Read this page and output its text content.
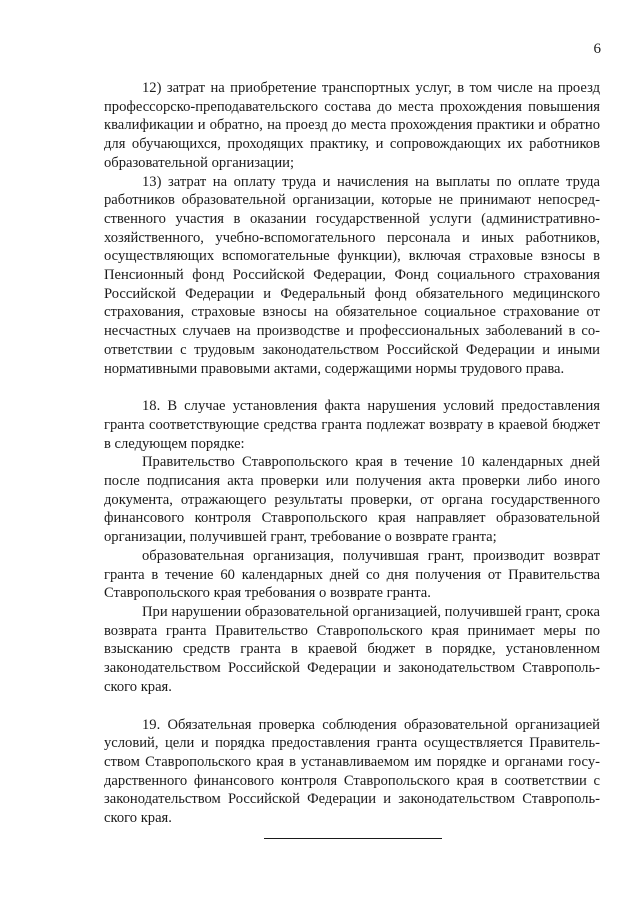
6

12) затрат на приобретение транспортных услуг, в том числе на проезд профессорско-преподавательского состава до места прохождения повышения квалификации и обратно, на проезд до места прохождения практики и обратно для обучающихся, проходящих практику, и сопровождающих их работников образовательной организации;

13) затрат на оплату труда и начисления на выплаты по оплате труда работников образовательной организации, которые не принимают непосредственного участия в оказании государственной услуги (административно-хозяйственного, учебно-вспомогательного персонала и иных работников, осуществляющих вспомогательные функции), включая страховые взносы в Пенсионный фонд Российской Федерации, Фонд социального страхования Российской Федерации и Федеральный фонд обязательного медицинского страхования, страховые взносы на обязательное социальное страхование от несчастных случаев на производстве и профессиональных заболеваний в соответствии с трудовым законодательством Российской Федерации и иными нормативными правовыми актами, содержащими нормы трудового права.

18. В случае установления факта нарушения условий предоставления гранта соответствующие средства гранта подлежат возврату в краевой бюджет в следующем порядке:

Правительство Ставропольского края в течение 10 календарных дней после подписания акта проверки или получения акта проверки либо иного документа, отражающего результаты проверки, от органа государственного финансового контроля Ставропольского края направляет образовательной организации, получившей грант, требование о возврате гранта;

образовательная организация, получившая грант, производит возврат гранта в течение 60 календарных дней со дня получения от Правительства Ставропольского края требования о возврате гранта.

При нарушении образовательной организацией, получившей грант, срока возврата гранта Правительство Ставропольского края принимает меры по взысканию средств гранта в краевой бюджет в порядке, установленном законодательством Российской Федерации и законодательством Ставропольского края.

19. Обязательная проверка соблюдения образовательной организацией условий, цели и порядка предоставления гранта осуществляется Правительством Ставропольского края в устанавливаемом им порядке и органами государственного финансового контроля Ставропольского края в соответствии с законодательством Российской Федерации и законодательством Ставропольского края.
